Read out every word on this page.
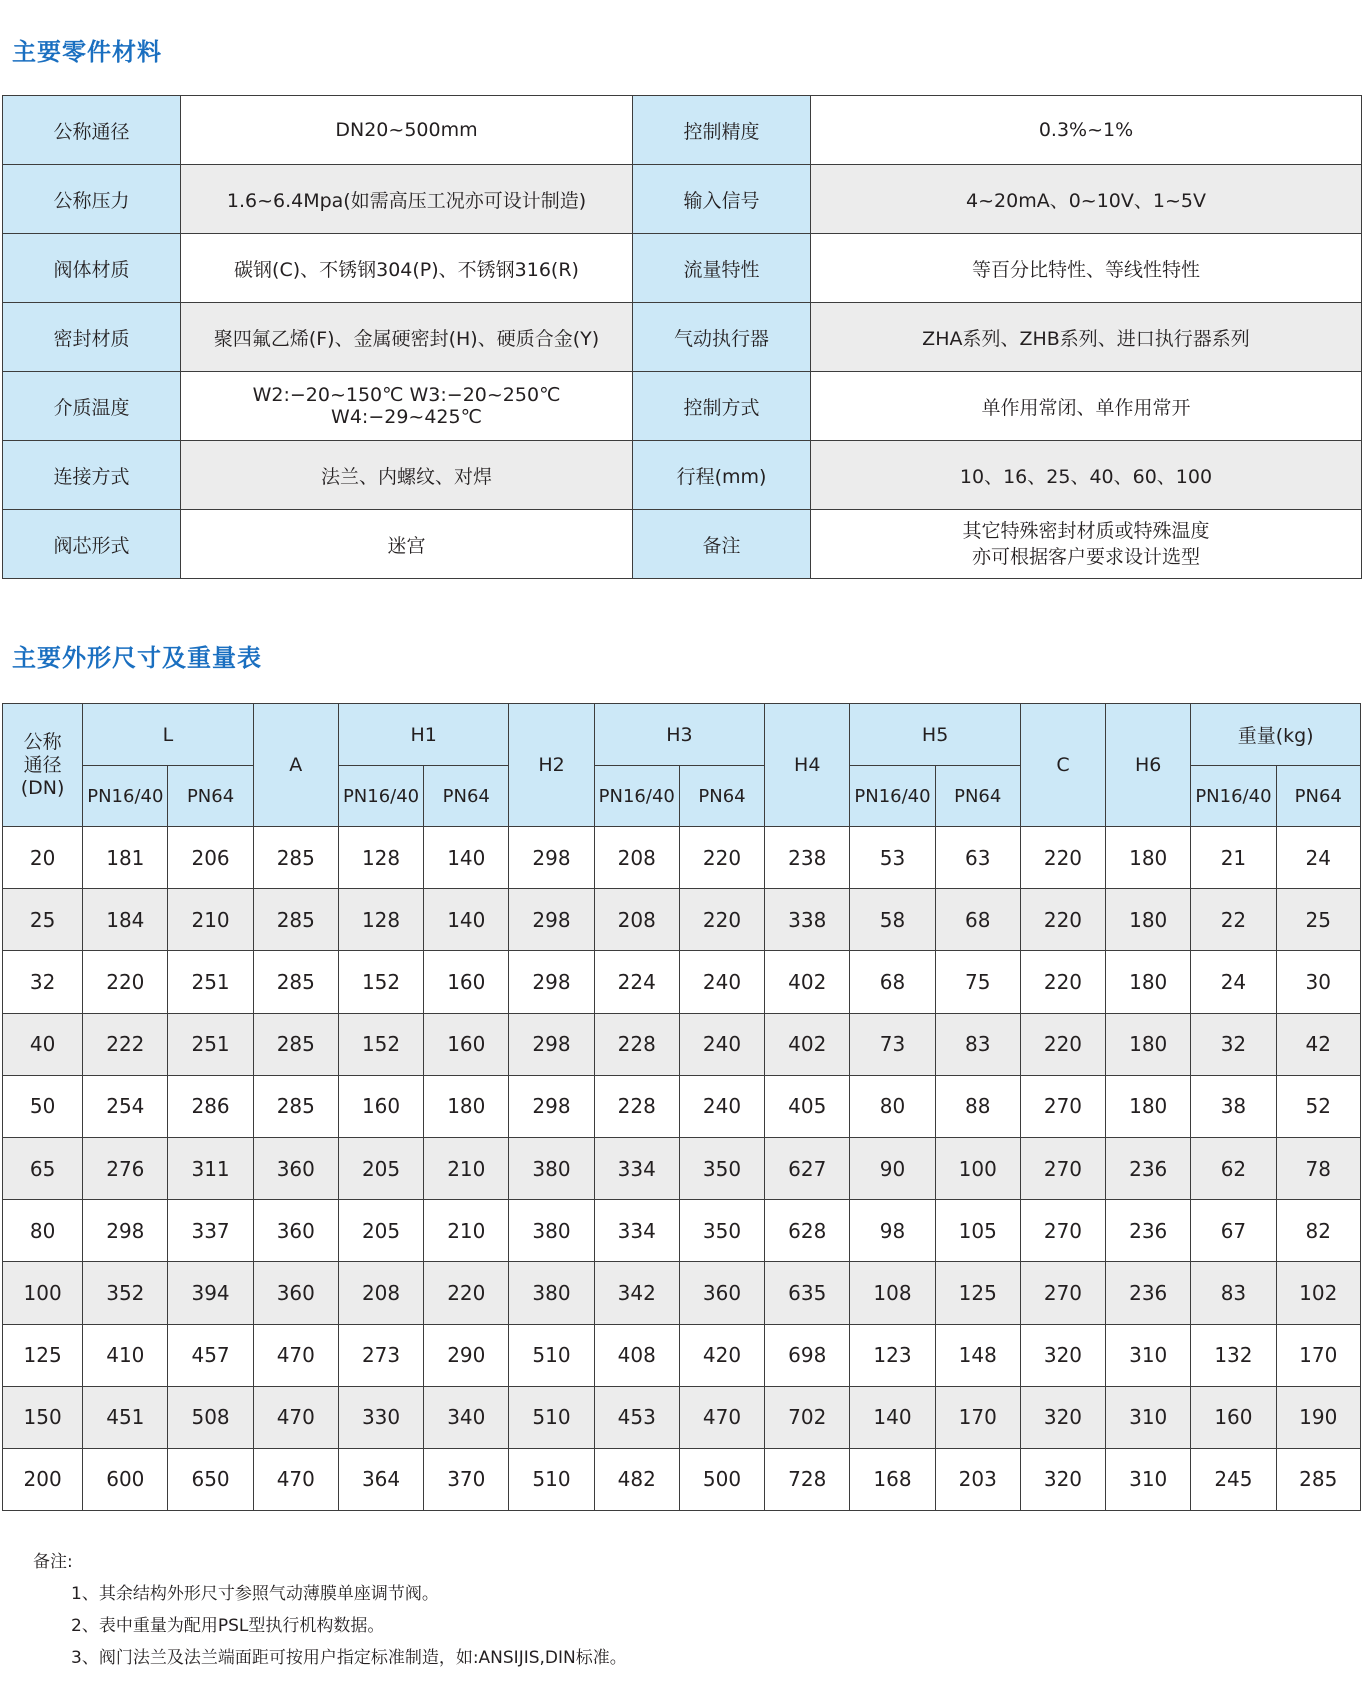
主要零件材料
公称通径	DN20~500mm	控制精度	0.3%~1%
公称压力	1.6~6.4Mpa(如需高压工况亦可设计制造)	输入信号	4~20mA、0~10V、1~5V
阀体材质	碳钢(C)、不锈钢304(P)、不锈钢316(R)	流量特性	等百分比特性、等线性特性
密封材质	聚四氟乙烯(F)、金属硬密封(H)、硬质合金(Y)	气动执行器	ZHA系列、ZHB系列、进口执行器系列
介质温度	W2:−20~150℃ W3:−20~250℃ W4:−29~425℃	控制方式	单作用常闭、单作用常开
连接方式	法兰、内螺纹、对焊	行程(mm)	10、16、25、40、60、100
阀芯形式	迷宫	备注	其它特殊密封材质或特殊温度
亦可根据客户要求设计选型
主要外形尺寸及重量表
公称
通径
(DN)	L		A	H1		H2	H3		H4	H5		C	H6	重量(kg)	
	PN16/40	PN64		PN16/40	PN64		PN16/40	PN64		PN16/40	PN64			PN16/40	PN64
20	181	206	285	128	140	298	208	220	238	53	63	220	180	21	24
25	184	210	285	128	140	298	208	220	338	58	68	220	180	22	25
32	220	251	285	152	160	298	224	240	402	68	75	220	180	24	30
40	222	251	285	152	160	298	228	240	402	73	83	220	180	32	42
50	254	286	285	160	180	298	228	240	405	80	88	270	180	38	52
65	276	311	360	205	210	380	334	350	627	90	100	270	236	62	78
80	298	337	360	205	210	380	334	350	628	98	105	270	236	67	82
100	352	394	360	208	220	380	342	360	635	108	125	270	236	83	102
125	410	457	470	273	290	510	408	420	698	123	148	320	310	132	170
150	451	508	470	330	340	510	453	470	702	140	170	320	310	160	190
200	600	650	470	364	370	510	482	500	728	168	203	320	310	245	285
备注:
1、其余结构外形尺寸参照气动薄膜单座调节阀。
2、表中重量为配用PSL型执行机构数据。
3、阀门法兰及法兰端面距可按用户指定标准制造，如:ANSIJIS,DIN标准。
